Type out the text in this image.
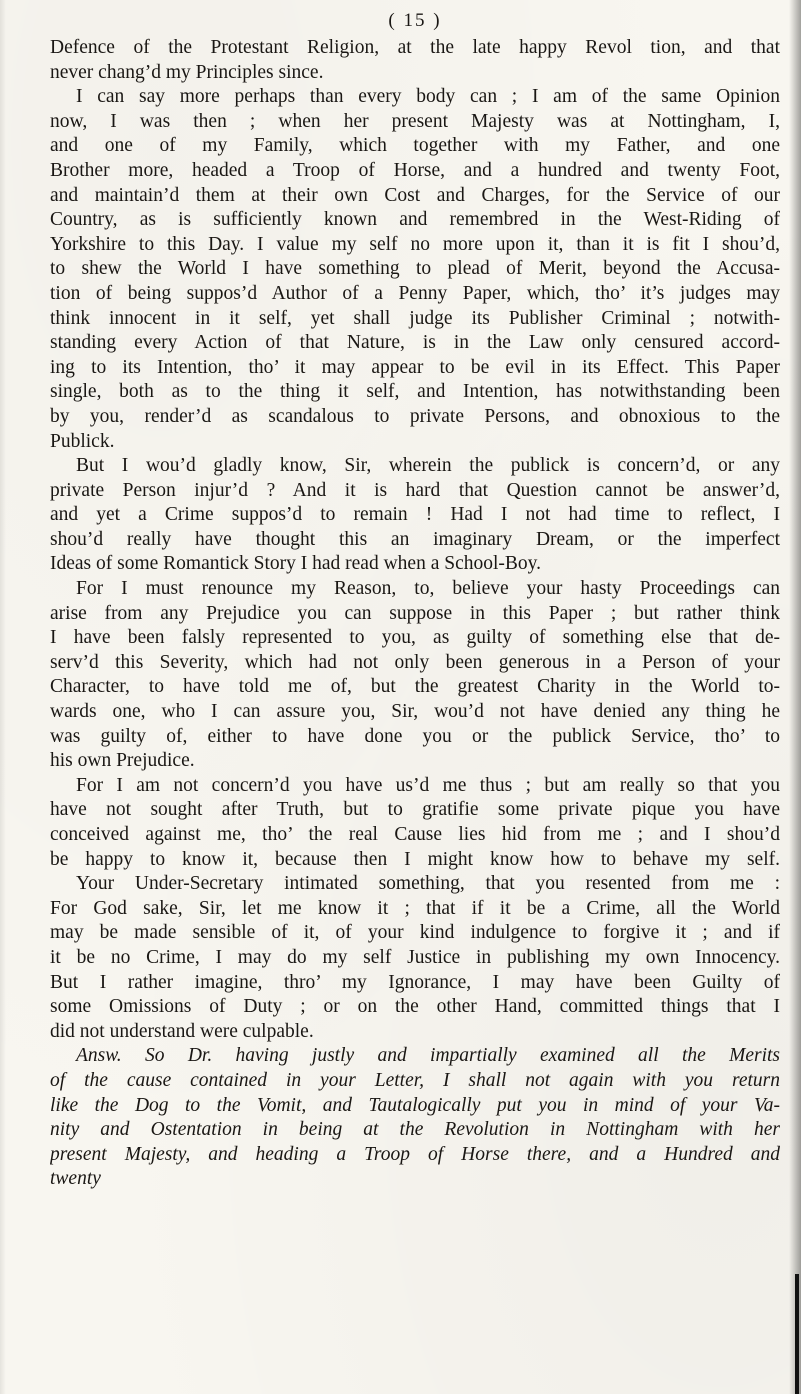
( 15 )
Defence of the Protestant Religion, at the late happy Revol tion, and that
never chang’d my Principles since.
I can say more perhaps than every body can ; I am of the same Opinion
now, I was then ; when her present Majesty was at Nottingham, I,
and one of my Family, which together with my Father, and one
Brother more, headed a Troop of Horse, and a hundred and twenty Foot,
and maintain’d them at their own Cost and Charges, for the Service of our
Country, as is sufficiently known and remembred in the West-Riding of
Yorkshire to this Day. I value my self no more upon it, than it is fit I shou’d,
to shew the World I have something to plead of Merit, beyond the Accusa-
tion of being suppos’d Author of a Penny Paper, which, tho’ it’s judges may
think innocent in it self, yet shall judge its Publisher Criminal ; notwith-
standing every Action of that Nature, is in the Law only censured accord-
ing to its Intention, tho’ it may appear to be evil in its Effect. This Paper
single, both as to the thing it self, and Intention, has notwithstanding been
by you, render’d as scandalous to private Persons, and obnoxious to the
Publick.
But I wou’d gladly know, Sir, wherein the publick is concern’d, or any
private Person injur’d ? And it is hard that Question cannot be answer’d,
and yet a Crime suppos’d to remain ! Had I not had time to reflect, I
shou’d really have thought this an imaginary Dream, or the imperfect
Ideas of some Romantick Story I had read when a School-Boy.
For I must renounce my Reason, to, believe your hasty Proceedings can
arise from any Prejudice you can suppose in this Paper ; but rather think
I have been falsly represented to you, as guilty of something else that de-
serv’d this Severity, which had not only been generous in a Person of your
Character, to have told me of, but the greatest Charity in the World to-
wards one, who I can assure you, Sir, wou’d not have denied any thing he
was guilty of, either to have done you or the publick Service, tho’ to
his own Prejudice.
For I am not concern’d you have us’d me thus ; but am really so that you
have not sought after Truth, but to gratifie some private pique you have
conceived against me, tho’ the real Cause lies hid from me ; and I shou’d
be happy to know it, because then I might know how to behave my self.
Your Under-Secretary intimated something, that you resented from me :
For God sake, Sir, let me know it ; that if it be a Crime, all the World
may be made sensible of it, of your kind indulgence to forgive it ; and if
it be no Crime, I may do my self Justice in publishing my own Innocency.
But I rather imagine, thro’ my Ignorance, I may have been Guilty of
some Omissions of Duty ; or on the other Hand, committed things that I
did not understand were culpable.
Answ. So Dr. having justly and impartially examined all the Merits
of the cause contained in your Letter, I shall not again with you return
like the Dog to the Vomit, and Tautalogically put you in mind of your Va-
nity and Ostentation in being at the Revolution in Nottingham with her
present Majesty, and heading a Troop of Horse there, and a Hundred and
twenty
